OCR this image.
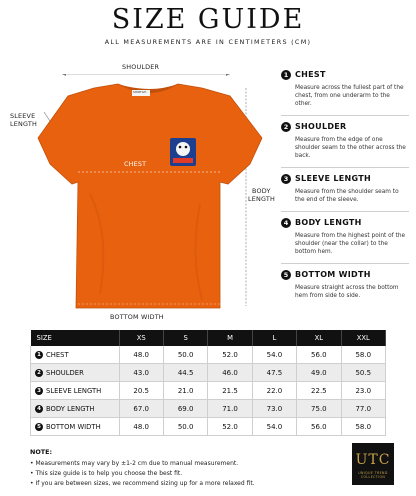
SIZE GUIDE
ALL MEASUREMENTS ARE IN CENTIMETERS (CM)
SHOULDER
SLEEVE
LENGTH
BODY
LENGTH
BOTTOM WIDTH
CHEST
SHIRTGH
1 CHEST
Measure across the fullest part of the chest, from one underarm to the other.
2 SHOULDER
Measure from the edge of one shoulder seam to the other across the back.
3 SLEEVE LENGTH
Measure from the shoulder seam to the end of the sleeve.
4 BODY LENGTH
Measure from the highest point of the shoulder (near the collar) to the bottom hem.
5 BOTTOM WIDTH
Measure straight across the bottom hem from side to side.
SIZE	XS	S	M	L	XL	XXL
1 CHEST	48.0	50.0	52.0	54.0	56.0	58.0
2 SHOULDER	43.0	44.5	46.0	47.5	49.0	50.5
3 SLEEVE LENGTH	20.5	21.0	21.5	22.0	22.5	23.0
4 BODY LENGTH	67.0	69.0	71.0	73.0	75.0	77.0
5 BOTTOM WIDTH	48.0	50.0	52.0	54.0	56.0	58.0
NOTE:
• Measurements may vary by ±1-2 cm due to manual measurement.
• This size guide is to help you choose the best fit.
• If you are between sizes, we recommend sizing up for a more relaxed fit.
UTC
UNIQUE TREND
COLLECTION
